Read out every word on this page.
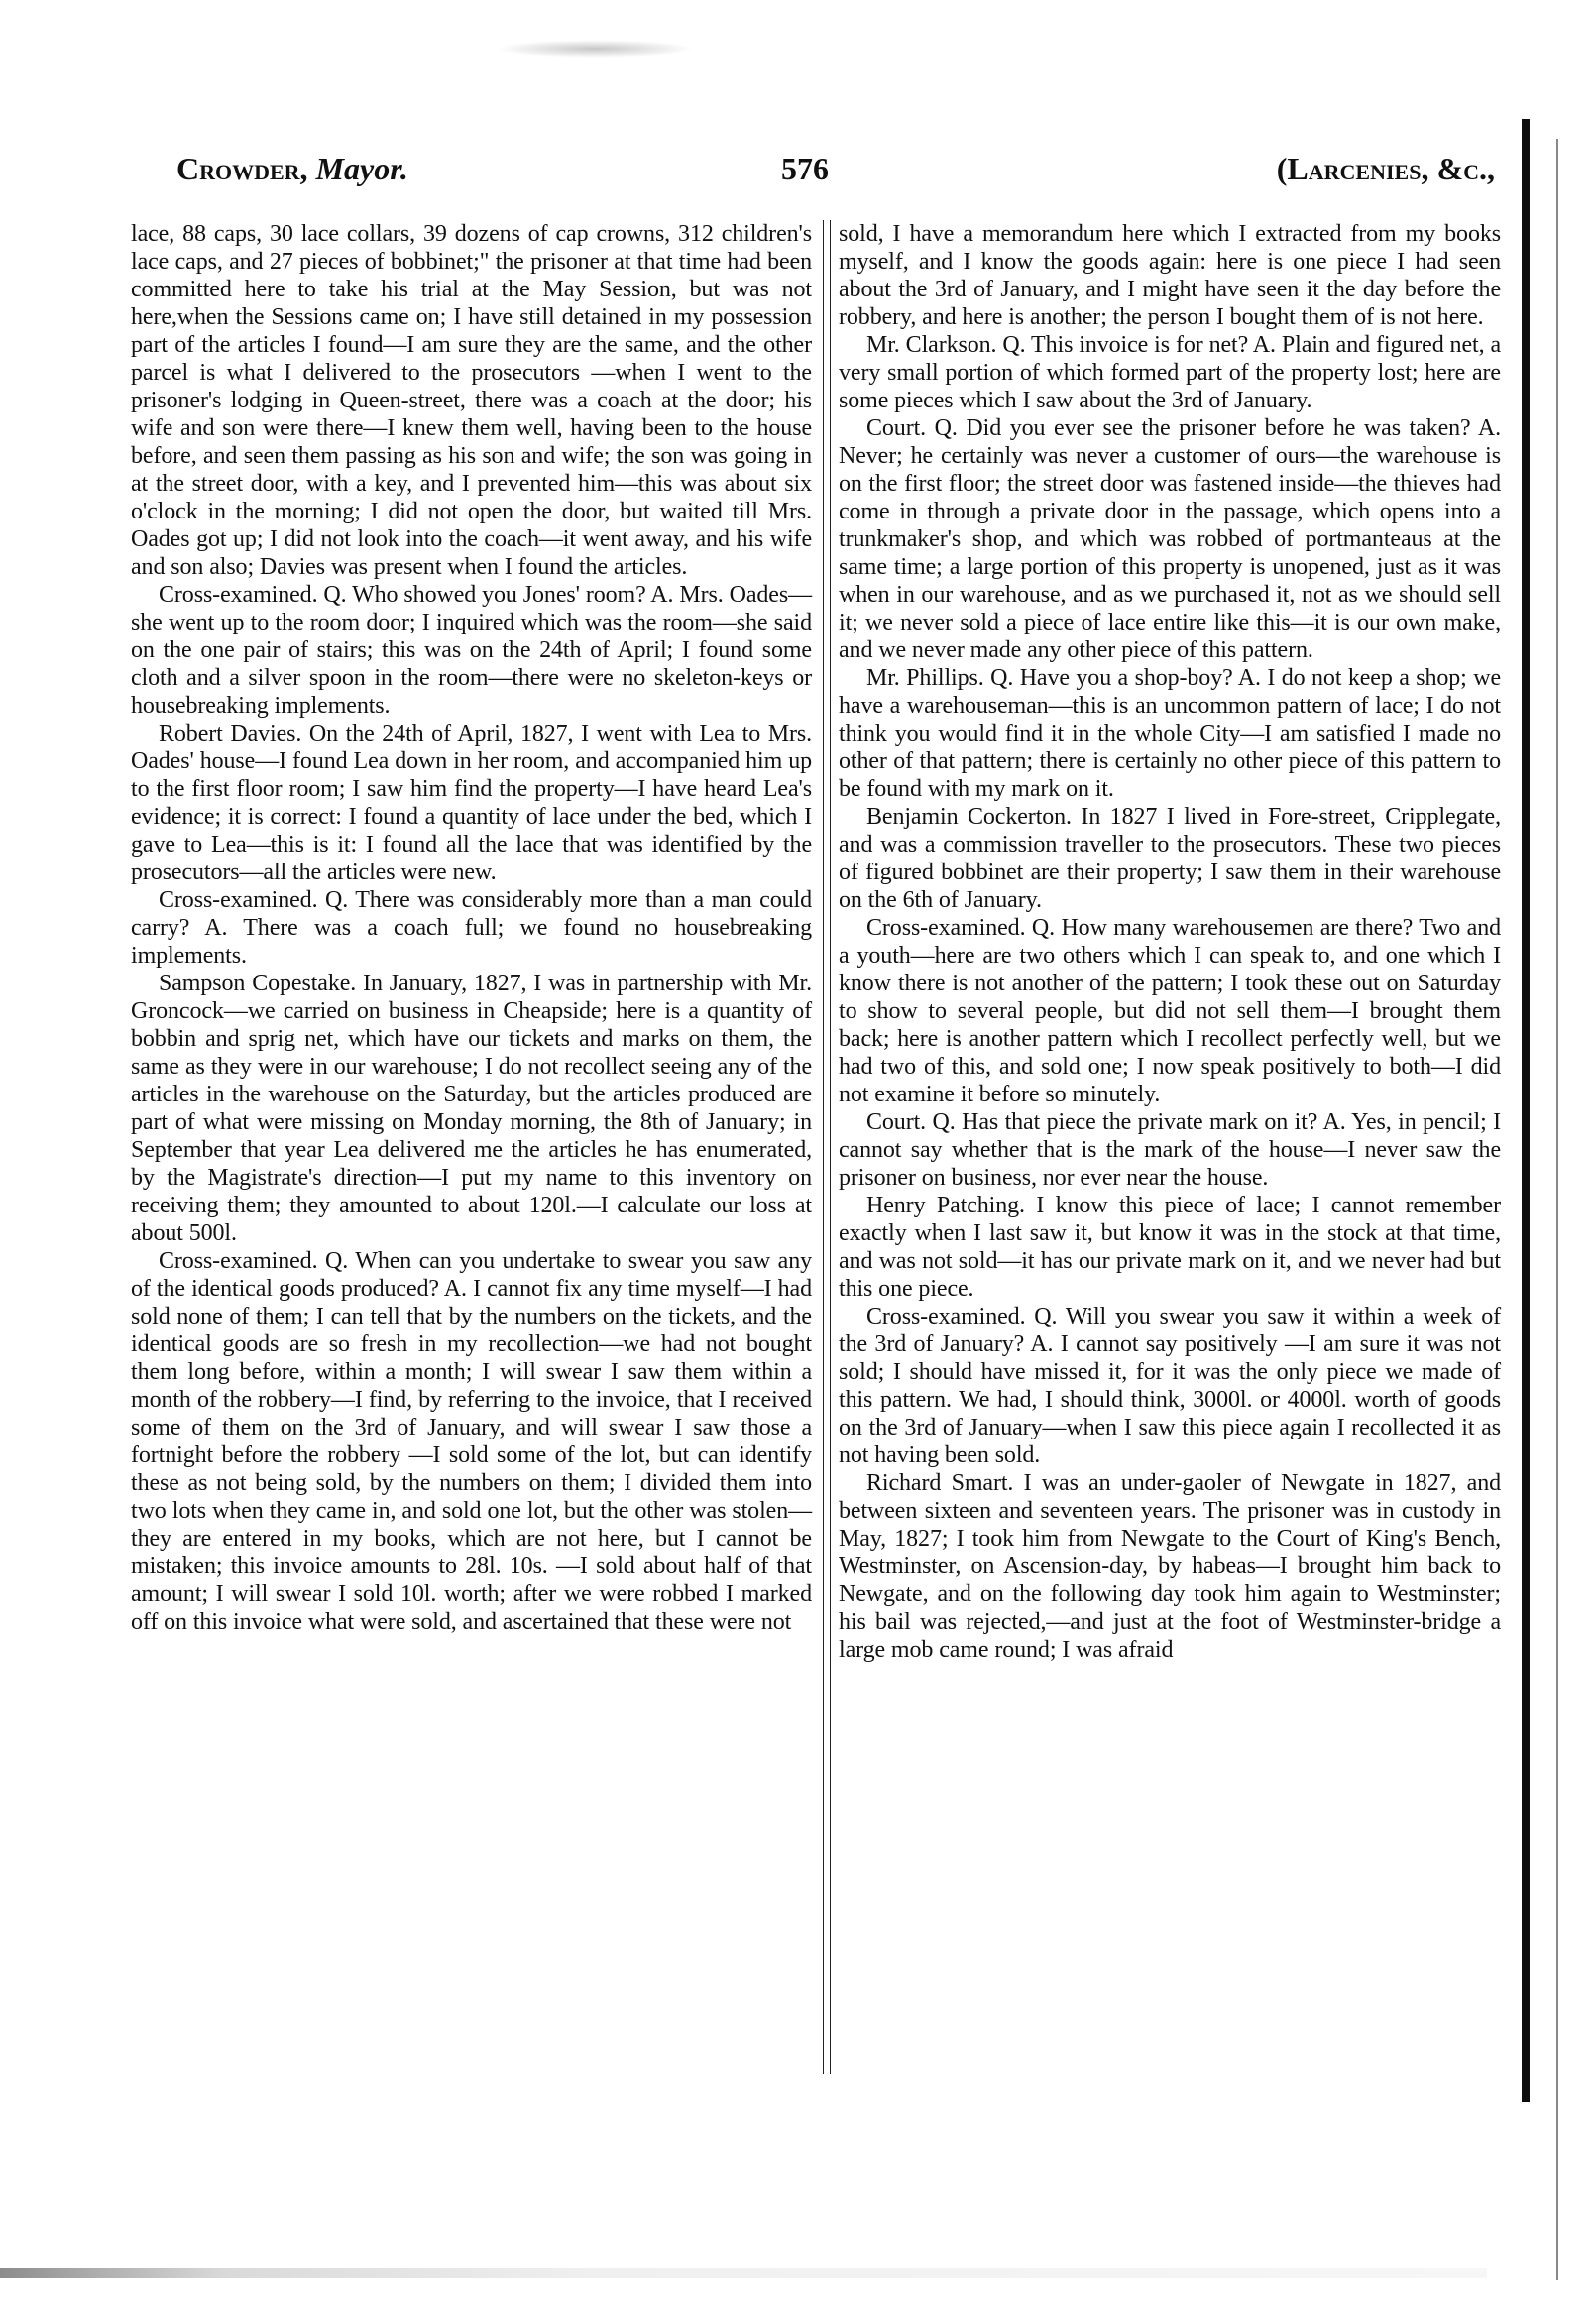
Crowder, Mayor.	576	(Larcenies, &c.,

lace, 88 caps, 30 lace collars, 39 dozens of cap crowns, 312 children's lace caps, and 27 pieces of bobbinet;" the prisoner at that time had been committed here to take his trial at the May Session, but was not here,when the Sessions came on; I have still detained in my possession part of the articles I found—I am sure they are the same, and the other parcel is what I delivered to the prosecutors —when I went to the prisoner's lodging in Queen-street, there was a coach at the door; his wife and son were there—I knew them well, having been to the house before, and seen them passing as his son and wife; the son was going in at the street door, with a key, and I prevented him—this was about six o'clock in the morning; I did not open the door, but waited till Mrs. Oades got up; I did not look into the coach—it went away, and his wife and son also; Davies was present when I found the articles.

Cross-examined. Q. Who showed you Jones' room? A. Mrs. Oades—she went up to the room door; I inquired which was the room—she said on the one pair of stairs; this was on the 24th of April; I found some cloth and a silver spoon in the room—there were no skeleton-keys or housebreaking implements.

Robert Davies. On the 24th of April, 1827, I went with Lea to Mrs. Oades' house—I found Lea down in her room, and accompanied him up to the first floor room; I saw him find the property—I have heard Lea's evidence; it is correct: I found a quantity of lace under the bed, which I gave to Lea—this is it: I found all the lace that was identified by the prosecutors—all the articles were new.

Cross-examined. Q. There was considerably more than a man could carry? A. There was a coach full; we found no housebreaking implements.

Sampson Copestake. In January, 1827, I was in partnership with Mr. Groncock—we carried on business in Cheapside; here is a quantity of bobbin and sprig net, which have our tickets and marks on them, the same as they were in our warehouse; I do not recollect seeing any of the articles in the warehouse on the Saturday, but the articles produced are part of what were missing on Monday morning, the 8th of January; in September that year Lea delivered me the articles he has enumerated, by the Magistrate's direction—I put my name to this inventory on receiving them; they amounted to about 120l.—I calculate our loss at about 500l.

Cross-examined. Q. When can you undertake to swear you saw any of the identical goods produced? A. I cannot fix any time myself—I had sold none of them; I can tell that by the numbers on the tickets, and the identical goods are so fresh in my recollection—we had not bought them long before, within a month; I will swear I saw them within a month of the robbery—I find, by referring to the invoice, that I received some of them on the 3rd of January, and will swear I saw those a fortnight before the robbery —I sold some of the lot, but can identify these as not being sold, by the numbers on them; I divided them into two lots when they came in, and sold one lot, but the other was stolen—they are entered in my books, which are not here, but I cannot be mistaken; this invoice amounts to 28l. 10s. —I sold about half of that amount; I will swear I sold 10l. worth; after we were robbed I marked off on this invoice what were sold, and ascertained that these were not

sold, I have a memorandum here which I extracted from my books myself, and I know the goods again: here is one piece I had seen about the 3rd of January, and I might have seen it the day before the robbery, and here is another; the person I bought them of is not here.

Mr. Clarkson. Q. This invoice is for net? A. Plain and figured net, a very small portion of which formed part of the property lost; here are some pieces which I saw about the 3rd of January.

Court. Q. Did you ever see the prisoner before he was taken? A. Never; he certainly was never a customer of ours—the warehouse is on the first floor; the street door was fastened inside—the thieves had come in through a private door in the passage, which opens into a trunkmaker's shop, and which was robbed of portmanteaus at the same time; a large portion of this property is unopened, just as it was when in our warehouse, and as we purchased it, not as we should sell it; we never sold a piece of lace entire like this—it is our own make, and we never made any other piece of this pattern.

Mr. Phillips. Q. Have you a shop-boy? A. I do not keep a shop; we have a warehouseman—this is an uncommon pattern of lace; I do not think you would find it in the whole City—I am satisfied I made no other of that pattern; there is certainly no other piece of this pattern to be found with my mark on it.

Benjamin Cockerton. In 1827 I lived in Fore-street, Cripplegate, and was a commission traveller to the prosecutors. These two pieces of figured bobbinet are their property; I saw them in their warehouse on the 6th of January.

Cross-examined. Q. How many warehousemen are there? Two and a youth—here are two others which I can speak to, and one which I know there is not another of the pattern; I took these out on Saturday to show to several people, but did not sell them—I brought them back; here is another pattern which I recollect perfectly well, but we had two of this, and sold one; I now speak positively to both—I did not examine it before so minutely.

Court. Q. Has that piece the private mark on it? A. Yes, in pencil; I cannot say whether that is the mark of the house—I never saw the prisoner on business, nor ever near the house.

Henry Patching. I know this piece of lace; I cannot remember exactly when I last saw it, but know it was in the stock at that time, and was not sold—it has our private mark on it, and we never had but this one piece.

Cross-examined. Q. Will you swear you saw it within a week of the 3rd of January? A. I cannot say positively —I am sure it was not sold; I should have missed it, for it was the only piece we made of this pattern. We had, I should think, 3000l. or 4000l. worth of goods on the 3rd of January—when I saw this piece again I recollected it as not having been sold.

Richard Smart. I was an under-gaoler of Newgate in 1827, and between sixteen and seventeen years. The prisoner was in custody in May, 1827; I took him from Newgate to the Court of King's Bench, Westminster, on Ascension-day, by habeas—I brought him back to Newgate, and on the following day took him again to Westminster; his bail was rejected,—and just at the foot of Westminster-bridge a large mob came round; I was afraid
